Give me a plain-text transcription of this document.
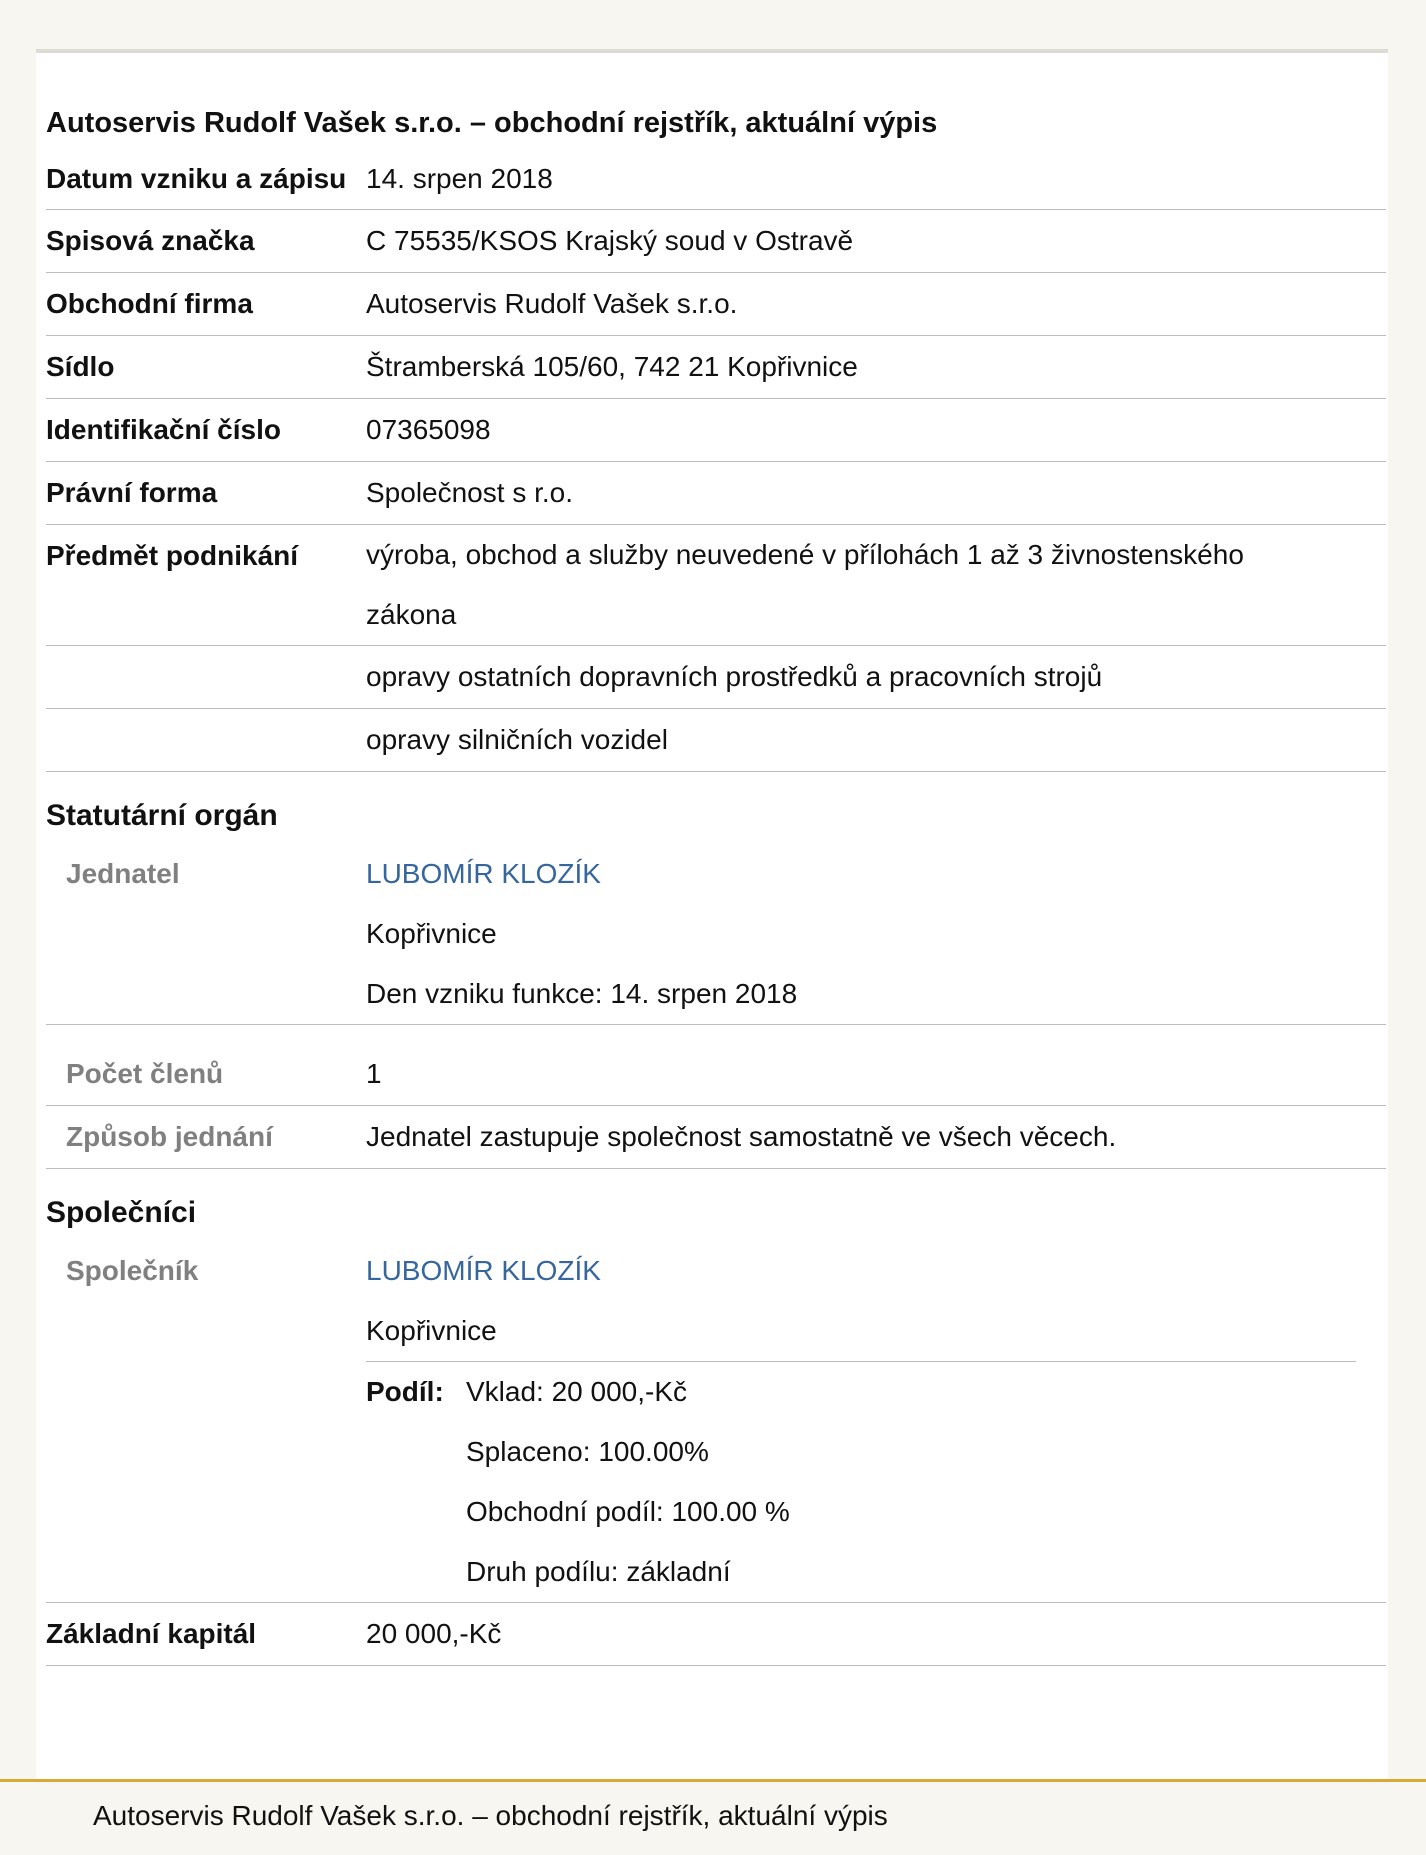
Autoservis Rudolf Vašek s.r.o. – obchodní rejstřík, aktuální výpis
Datum vzniku a zápisu 14. srpen 2018
Spisová značka	C 75535/KSOS Krajský soud v Ostravě
Obchodní firma	Autoservis Rudolf Vašek s.r.o.
Sídlo	Štramberská 105/60, 742 21 Kopřivnice
Identifikační číslo	07365098
Právní forma	Společnost s r.o.
Předmět podnikání	výroba, obchod a služby neuvedené v přílohách 1 až 3 živnostenského
zákona
opravy ostatních dopravních prostředků a pracovních strojů
opravy silničních vozidel
Statutární orgán
Jednatel	LUBOMÍR KLOZÍK
Kopřivnice
Den vzniku funkce: 14. srpen 2018
Počet členů	1
Způsob jednání	Jednatel zastupuje společnost samostatně ve všech věcech.
Společníci
Společník	LUBOMÍR KLOZÍK
Kopřivnice
Podíl: Vklad: 20 000,-Kč
Splaceno: 100.00%
Obchodní podíl: 100.00 %
Druh podílu: základní
Základní kapitál	20 000,-Kč
Autoservis Rudolf Vašek s.r.o. – obchodní rejstřík, aktuální výpis
